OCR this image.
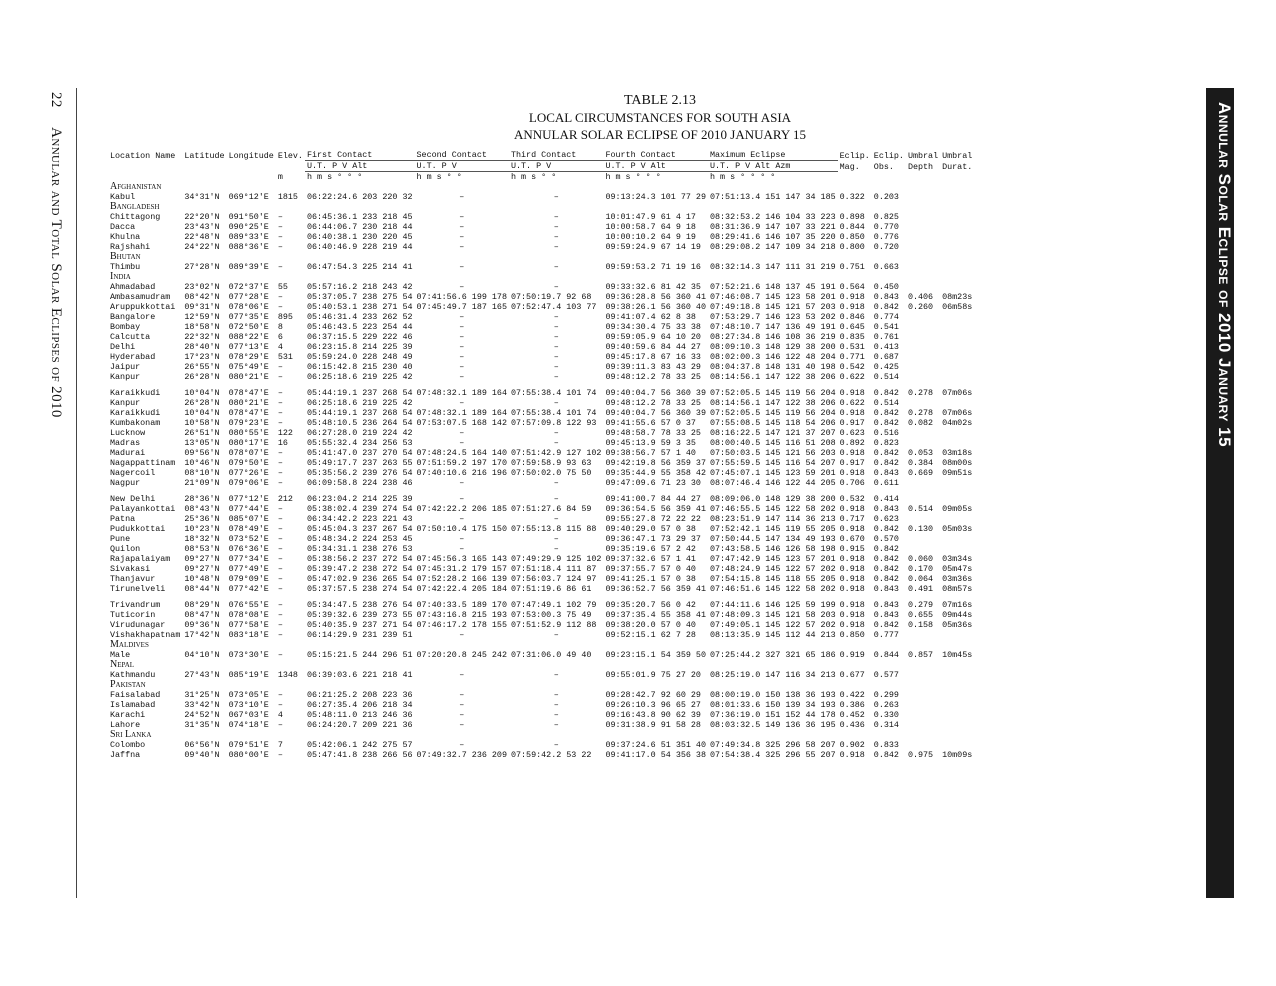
22 Annular and Total Solar Eclipses of 2010	Annular Solar Eclipse of 2010 January 15
TABLE 2.13
LOCAL CIRCUMSTANCES FOR SOUTH ASIA
ANNULAR SOLAR ECLIPSE OF 2010 JANUARY 15
Location Name	Latitude	Longitude	Elev.	First Contact	Second Contact	Third Contact	Fourth Contact	Maximum Eclipse	Eclip.	Eclip.	Umbral	Umbral
				U.T. P V Alt	U.T. P V	U.T. P V	U.T. P V Alt	U.T. P V Alt Azm	Mag.	Obs.	Depth	Durat.
			m	h m s ° ° °	h m s ° °	h m s ° °	h m s ° ° °	h m s ° ° ° °				
Afghanistan												
Kabul	34°31'N	069°12'E	1815	06:22:24.6 203 220 32	–	–	09:13:24.3 101 77 29	07:51:13.4 151 147 34 185	0.322	0.203		
Bangladesh												
Chittagong	22°20'N	091°50'E	–	06:45:36.1 233 218 45	–	–	10:01:47.9 61 4 17	08:32:53.2 146 104 33 223	0.898	0.825		
Dacca	23°43'N	090°25'E	–	06:44:06.7 230 218 44	–	–	10:00:58.7 64 9 18	08:31:36.9 147 107 33 221	0.844	0.770		
Khulna	22°48'N	089°33'E	–	06:40:38.1 230 220 45	–	–	10:00:10.2 64 9 19	08:29:41.6 146 107 35 220	0.850	0.776		
Rajshahi	24°22'N	088°36'E	–	06:40:46.9 228 219 44	–	–	09:59:24.9 67 14 19	08:29:08.2 147 109 34 218	0.800	0.720		
Bhutan												
Thimbu	27°28'N	089°39'E	–	06:47:54.3 225 214 41	–	–	09:59:53.2 71 19 16	08:32:14.3 147 111 31 219	0.751	0.663		
India												
Ahmadabad	23°02'N	072°37'E	55	05:57:16.2 218 243 42	–	–	09:33:32.6 81 42 35	07:52:21.6 148 137 45 191	0.564	0.450		
Ambasamudram	08°42'N	077°28'E	–	05:37:05.7 238 275 54	07:41:56.6 199 178	07:50:19.7 92 68	09:36:28.8 56 360 41	07:46:08.7 145 123 58 201	0.918	0.843	0.406	08m23s
Aruppukkottai	09°31'N	078°06'E	–	05:40:53.1 238 271 54	07:45:49.7 187 165	07:52:47.4 103 77	09:38:26.1 56 360 40	07:49:18.8 145 121 57 203	0.918	0.842	0.260	06m58s
Bangalore	12°59'N	077°35'E	895	05:46:31.4 233 262 52	–	–	09:41:07.4 62 8 38	07:53:29.7 146 123 53 202	0.846	0.774		
Bombay	18°58'N	072°50'E	8	05:46:43.5 223 254 44	–	–	09:34:30.4 75 33 38	07:48:10.7 147 136 49 191	0.645	0.541		
Calcutta	22°32'N	088°22'E	6	06:37:15.5 229 222 46	–	–	09:59:05.9 64 10 20	08:27:34.8 146 108 36 219	0.835	0.761		
Delhi	28°40'N	077°13'E	4	06:23:15.8 214 225 39	–	–	09:40:59.6 84 44 27	08:09:10.3 148 129 38 200	0.531	0.413		
Hyderabad	17°23'N	078°29'E	531	05:59:24.0 228 248 49	–	–	09:45:17.8 67 16 33	08:02:00.3 146 122 48 204	0.771	0.687		
Jaipur	26°55'N	075°49'E	–	06:15:42.8 215 230 40	–	–	09:39:11.3 83 43 29	08:04:37.8 148 131 40 198	0.542	0.425		
Kanpur	26°28'N	080°21'E	–	06:25:18.6 219 225 42	–	–	09:48:12.2 78 33 25	08:14:56.1 147 122 38 206	0.622	0.514		

Karaikkudi	10°04'N	078°47'E	–	05:44:19.1 237 268 54	07:48:32.1 189 164	07:55:38.4 101 74	09:40:04.7 56 360 39	07:52:05.5 145 119 56 204	0.918	0.842	0.278	07m06s
Kanpur	26°28'N	080°21'E	–	06:25:18.6 219 225 42	–	–	09:48:12.2 78 33 25	08:14:56.1 147 122 38 206	0.622	0.514		
Karaikkudi	10°04'N	078°47'E	–	05:44:19.1 237 268 54	07:48:32.1 189 164	07:55:38.4 101 74	09:40:04.7 56 360 39	07:52:05.5 145 119 56 204	0.918	0.842	0.278	07m06s
Kumbakonam	10°58'N	079°23'E	–	05:48:10.5 236 264 54	07:53:07.5 168 142	07:57:09.8 122 93	09:41:55.6 57 0 37	07:55:08.5 145 118 54 206	0.917	0.842	0.082	04m02s
Lucknow	26°51'N	080°55'E	122	06:27:28.0 219 224 42	–	–	09:48:58.7 78 33 25	08:16:22.5 147 121 37 207	0.623	0.516		
Madras	13°05'N	080°17'E	16	05:55:32.4 234 256 53	–	–	09:45:13.9 59 3 35	08:00:40.5 145 116 51 208	0.892	0.823		
Madurai	09°56'N	078°07'E	–	05:41:47.0 237 270 54	07:48:24.5 164 140	07:51:42.9 127 102	09:38:56.7 57 1 40	07:50:03.5 145 121 56 203	0.918	0.842	0.053	03m18s
Nagappattinam	10°46'N	079°50'E	–	05:49:17.7 237 263 55	07:51:59.2 197 170	07:59:58.9 93 63	09:42:19.8 56 359 37	07:55:59.5 145 116 54 207	0.917	0.842	0.384	08m00s
Nagercoil	08°10'N	077°26'E	–	05:35:56.2 239 276 54	07:40:10.6 216 196	07:50:02.0 75 50	09:35:44.9 55 358 42	07:45:07.1 145 123 59 201	0.918	0.843	0.669	09m51s
Nagpur	21°09'N	079°06'E	–	06:09:58.8 224 238 46	–	–	09:47:09.6 71 23 30	08:07:46.4 146 122 44 205	0.706	0.611		

New Delhi	28°36'N	077°12'E	212	06:23:04.2 214 225 39	–	–	09:41:00.7 84 44 27	08:09:06.0 148 129 38 200	0.532	0.414		
Palayankottai	08°43'N	077°44'E	–	05:38:02.4 239 274 54	07:42:22.2 206 185	07:51:27.6 84 59	09:36:54.5 56 359 41	07:46:55.5 145 122 58 202	0.918	0.843	0.514	09m05s
Patna	25°36'N	085°07'E	–	06:34:42.2 223 221 43	–	–	09:55:27.8 72 22 22	08:23:51.9 147 114 36 213	0.717	0.623		
Pudukkottai	10°23'N	078°49'E	–	05:45:04.3 237 267 54	07:50:10.4 175 150	07:55:13.8 115 88	09:40:29.0 57 0 38	07:52:42.1 145 119 55 205	0.918	0.842	0.130	05m03s
Pune	18°32'N	073°52'E	–	05:48:34.2 224 253 45	–	–	09:36:47.1 73 29 37	07:50:44.5 147 134 49 193	0.670	0.570		
Quilon	08°53'N	076°36'E	–	05:34:31.1 238 276 53	–	–	09:35:19.6 57 2 42	07:43:58.5 146 126 58 198	0.915	0.842		
Rajapalaiyam	09°27'N	077°34'E	–	05:38:56.2 237 272 54	07:45:56.3 165 143	07:49:29.9 125 102	09:37:32.6 57 1 41	07:47:42.9 145 123 57 201	0.918	0.842	0.060	03m34s
Sivakasi	09°27'N	077°49'E	–	05:39:47.2 238 272 54	07:45:31.2 179 157	07:51:18.4 111 87	09:37:55.7 57 0 40	07:48:24.9 145 122 57 202	0.918	0.842	0.170	05m47s
Thanjavur	10°48'N	079°09'E	–	05:47:02.9 236 265 54	07:52:28.2 166 139	07:56:03.7 124 97	09:41:25.1 57 0 38	07:54:15.8 145 118 55 205	0.918	0.842	0.064	03m36s
Tirunelveli	08°44'N	077°42'E	–	05:37:57.5 238 274 54	07:42:22.4 205 184	07:51:19.6 86 61	09:36:52.7 56 359 41	07:46:51.6 145 122 58 202	0.918	0.843	0.491	08m57s

Trivandrum	08°29'N	076°55'E	–	05:34:47.5 238 276 54	07:40:33.5 189 170	07:47:49.1 102 79	09:35:20.7 56 0 42	07:44:11.6 146 125 59 199	0.918	0.843	0.279	07m16s
Tuticorin	08°47'N	078°08'E	–	05:39:32.6 239 273 55	07:43:16.8 215 193	07:53:00.3 75 49	09:37:35.4 55 358 41	07:48:09.3 145 121 58 203	0.918	0.843	0.655	09m44s
Virudunagar	09°36'N	077°58'E	–	05:40:35.9 237 271 54	07:46:17.2 178 155	07:51:52.9 112 88	09:38:20.0 57 0 40	07:49:05.1 145 122 57 202	0.918	0.842	0.158	05m36s
Vishakhapatnam	17°42'N	083°18'E	–	06:14:29.9 231 239 51	–	–	09:52:15.1 62 7 28	08:13:35.9 145 112 44 213	0.850	0.777		
Maldives												
Male	04°10'N	073°30'E	–	05:15:21.5 244 296 51	07:20:20.8 245 242	07:31:06.0 49 40	09:23:15.1 54 359 50	07:25:44.2 327 321 65 186	0.919	0.844	0.857	10m45s
Nepal												
Kathmandu	27°43'N	085°19'E	1348	06:39:03.6 221 218 41	–	–	09:55:01.9 75 27 20	08:25:19.0 147 116 34 213	0.677	0.577		
Pakistan												
Faisalabad	31°25'N	073°05'E	–	06:21:25.2 208 223 36	–	–	09:28:42.7 92 60 29	08:00:19.0 150 138 36 193	0.422	0.299		
Islamabad	33°42'N	073°10'E	–	06:27:35.4 206 218 34	–	–	09:26:10.3 96 65 27	08:01:33.6 150 139 34 193	0.386	0.263		
Karachi	24°52'N	067°03'E	4	05:48:11.0 213 246 36	–	–	09:16:43.8 90 62 39	07:36:19.0 151 152 44 178	0.452	0.330		
Lahore	31°35'N	074°18'E	–	06:24:20.7 209 221 36	–	–	09:31:38.9 91 58 28	08:03:32.5 149 136 36 195	0.436	0.314		
Sri Lanka												
Colombo	06°56'N	079°51'E	7	05:42:06.1 242 275 57	–	–	09:37:24.6 51 351 40	07:49:34.8 325 296 58 207	0.902	0.833		
Jaffna	09°40'N	080°00'E	–	05:47:41.8 238 266 56	07:49:32.7 236 209	07:59:42.2 53 22	09:41:17.0 54 356 38	07:54:38.4 325 296 55 207	0.918	0.842	0.975	10m09s
